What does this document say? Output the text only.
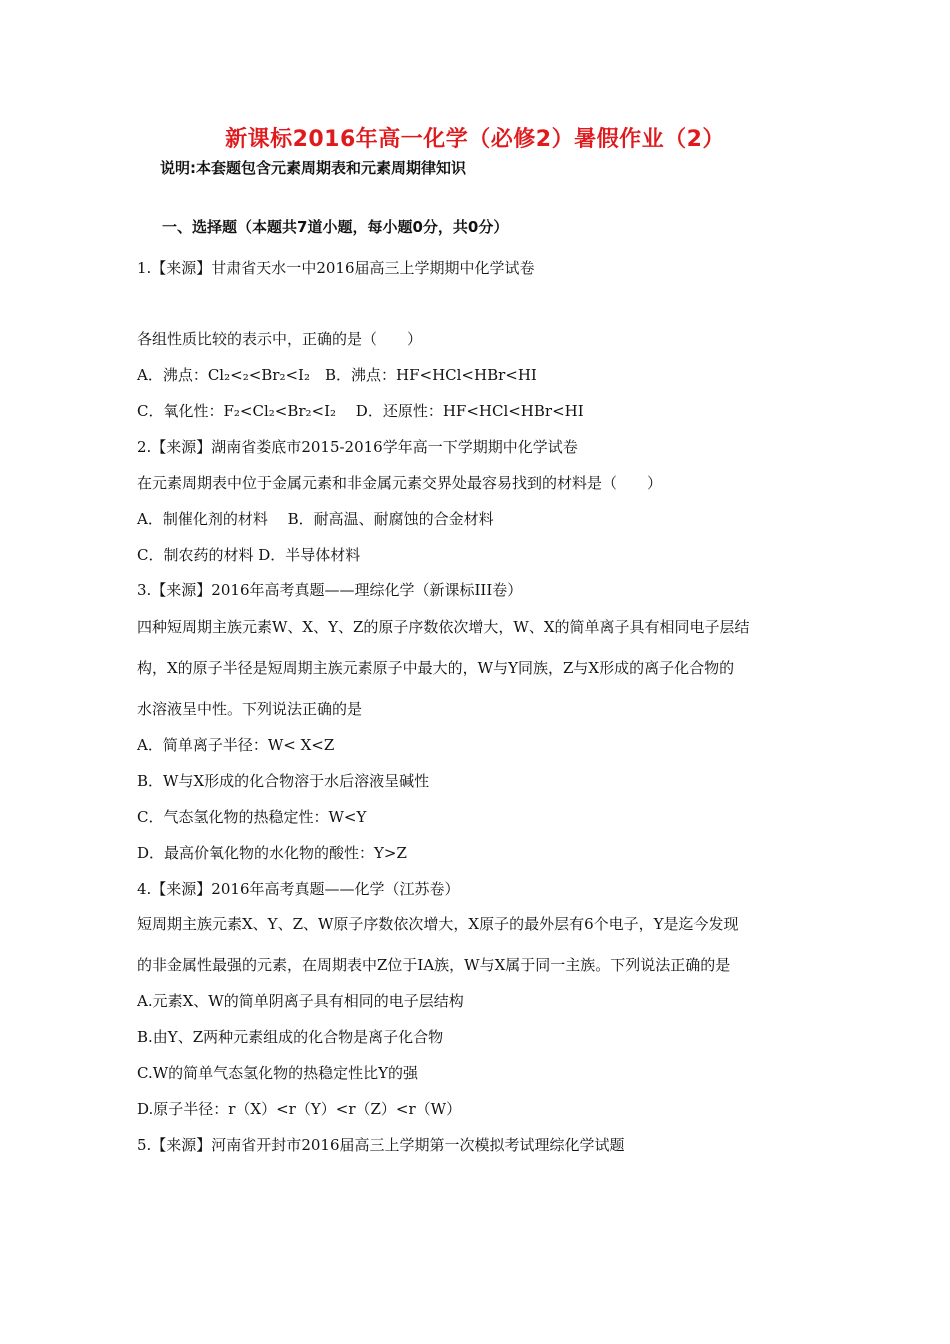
新课标2016年高一化学（必修2）暑假作业（2）
说明:本套题包含元素周期表和元素周期律知识
一、选择题（本题共7道小题，每小题0分，共0分）
1.【来源】甘肃省天水一中2016届高三上学期期中化学试卷
各组性质比较的表示中，正确的是（　　）
A．沸点：Cl₂<₂<Br₂<I₂　B．沸点：HF<HCl<HBr<HI
C．氧化性：F₂<Cl₂<Br₂<I₂　 D．还原性：HF<HCl<HBr<HI
2.【来源】湖南省娄底市2015-2016学年高一下学期期中化学试卷
在元素周期表中位于金属元素和非金属元素交界处最容易找到的材料是（　　）
A．制催化剂的材料　 B．耐高温、耐腐蚀的合金材料
C．制农药的材料 D．半导体材料
3.【来源】2016年高考真题——理综化学（新课标III卷）
四种短周期主族元素W、X、Y、Z的原子序数依次增大，W、X的简单离子具有相同电子层结
构，X的原子半径是短周期主族元素原子中最大的，W与Y同族，Z与X形成的离子化合物的
水溶液呈中性。下列说法正确的是
A．简单离子半径：W< X<Z
B．W与X形成的化合物溶于水后溶液呈碱性
C．气态氢化物的热稳定性：W<Y
D．最高价氧化物的水化物的酸性：Y>Z
4.【来源】2016年高考真题——化学（江苏卷）
短周期主族元素X、Y、Z、W原子序数依次增大，X原子的最外层有6个电子，Y是迄今发现
的非金属性最强的元素，在周期表中Z位于IA族，W与X属于同一主族。下列说法正确的是
A.元素X、W的简单阴离子具有相同的电子层结构
B.由Y、Z两种元素组成的化合物是离子化合物
C.W的简单气态氢化物的热稳定性比Y的强
D.原子半径：r（X）<r（Y）<r（Z）<r（W）
5.【来源】河南省开封市2016届高三上学期第一次模拟考试理综化学试题
